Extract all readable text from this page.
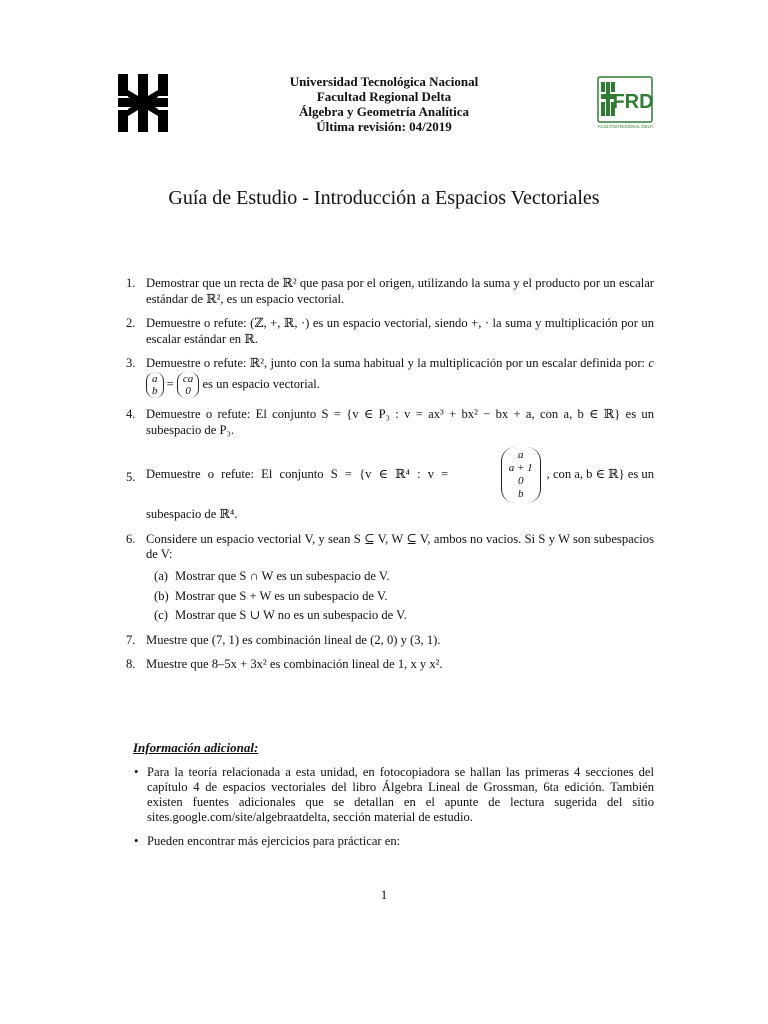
FRD
FACULTAD REGIONAL DELTA
Universidad Tecnológica Nacional
Facultad Regional Delta
Álgebra y Geometría Analítica
Última revisión: 04/2019
Guía de Estudio - Introducción a Espacios Vectoriales
1. Demostrar que un recta de ℝ² que pasa por el origen, utilizando la suma y el producto por un escalar estándar de ℝ², es un espacio vectorial.
2. Demuestre o refute: (ℤ, +, ℝ, ·) es un espacio vectorial, siendo +, · la suma y multiplicación por un escalar estándar en ℝ.
3. Demuestre o refute: ℝ², junto con la suma habitual y la multiplicación por un escalar definida por: c a
b = ca
0 es un espacio vectorial.
4. Demuestre o refute: El conjunto S = {v ∈ P₃ : v = ax³ + bx² − bx + a, con a, b ∈ ℝ} es un subespacio de P₃.
5. Demuestre o refute: El conjunto S = {v ∈ ℝ⁴ : v =
a
a + 1
0
b
, con a, b ∈ ℝ} es un
subespacio de ℝ⁴.
6. Considere un espacio vectorial V, y sean S ⊆ V, W ⊆ V, ambos no vacios. Si S y W son subespacios de V:
(a) Mostrar que S ∩ W es un subespacio de V.
(b) Mostrar que S + W es un subespacio de V.
(c) Mostrar que S ∪ W no es un subespacio de V.
7. Muestre que (7, 1) es combinación lineal de (2, 0) y (3, 1).
8. Muestre que 8–5x + 3x² es combinación lineal de 1, x y x².
Información adicional:
• Para la teoría relacionada a esta unidad, en fotocopiadora se hallan las primeras 4 secciones del capítulo 4 de espacios vectoriales del libro Álgebra Lineal de Grossman, 6ta edición. También existen fuentes adicionales que se detallan en el apunte de lectura sugerida del sitio sites.google.com/site/algebraatdelta, sección material de estudio.
• Pueden encontrar más ejercicios para prácticar en:
1
